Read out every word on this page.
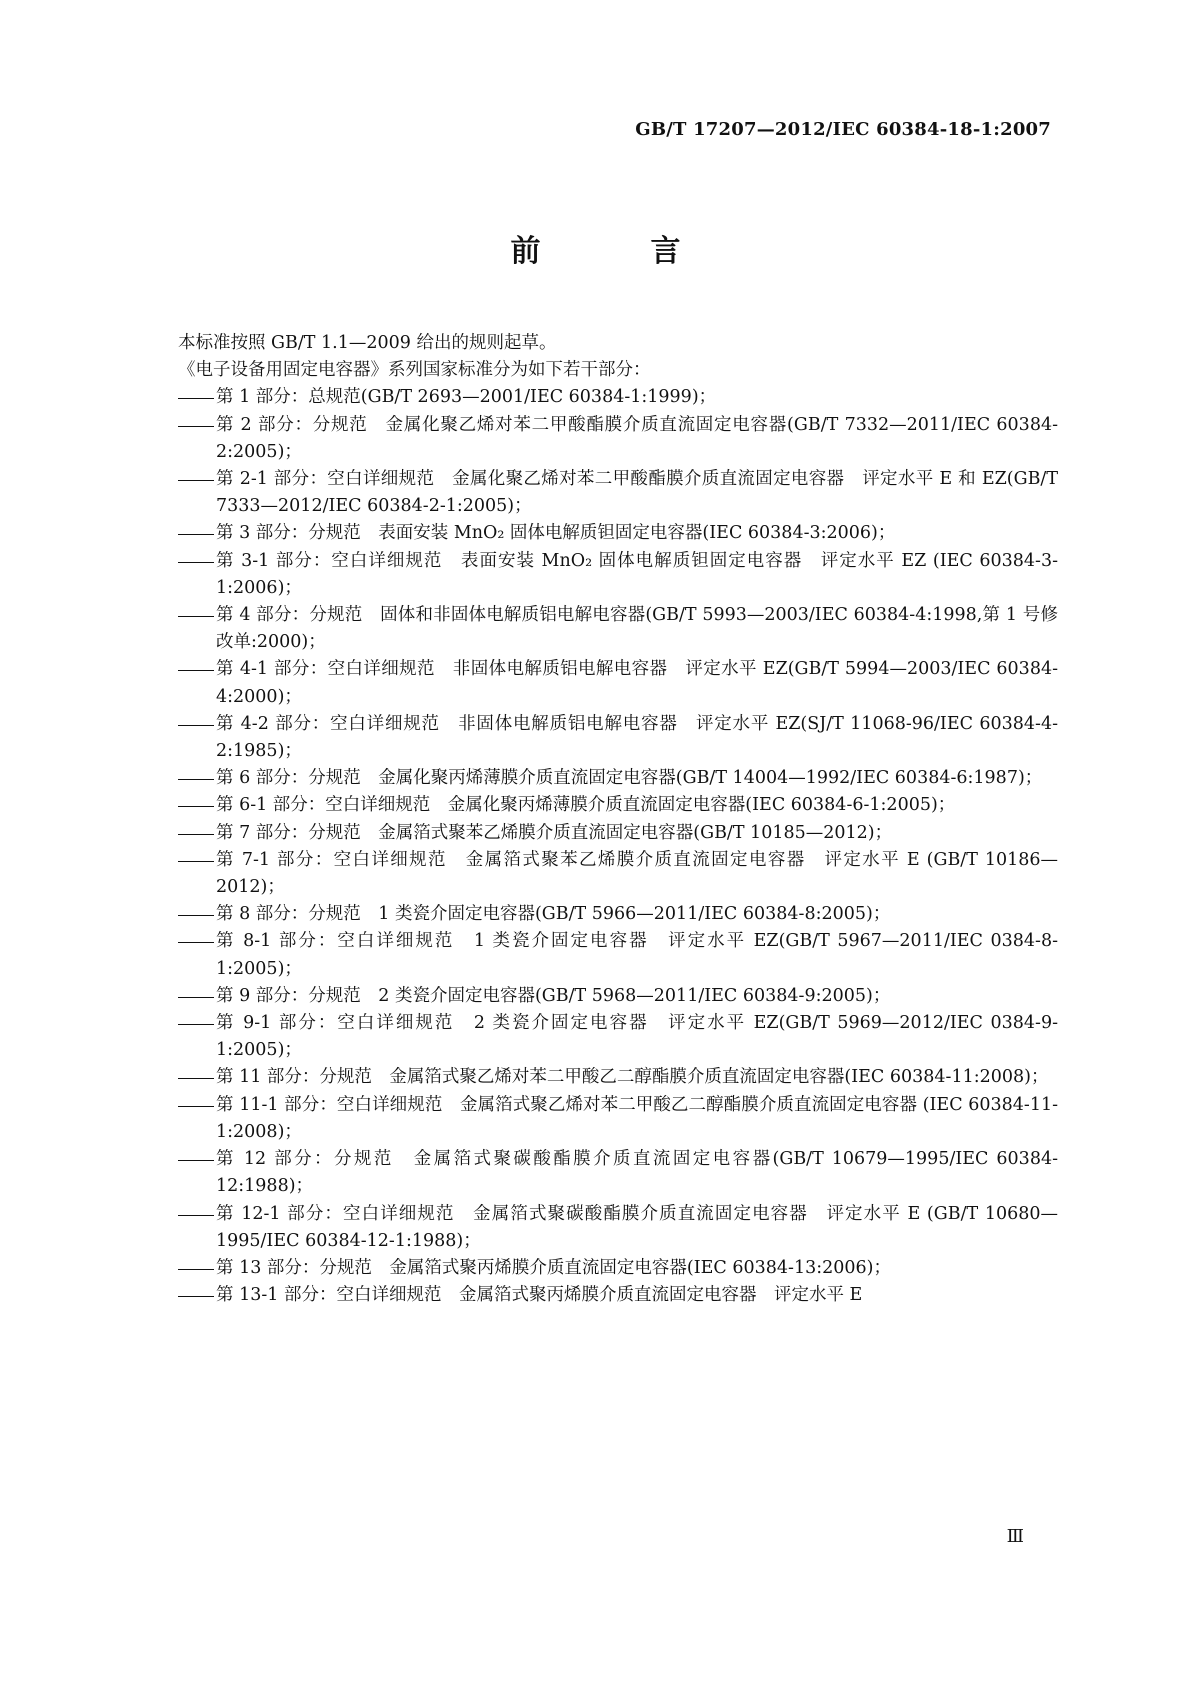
GB/T 17207—2012/IEC 60384-18-1:2007
前　言
本标准按照 GB/T 1.1—2009 给出的规则起草。
《电子设备用固定电容器》系列国家标准分为如下若干部分：
第 1 部分：总规范(GB/T 2693—2001/IEC 60384-1:1999)；
第 2 部分：分规范　金属化聚乙烯对苯二甲酸酯膜介质直流固定电容器(GB/T 7332—2011/IEC 60384-2:2005)；
第 2-1 部分：空白详细规范　金属化聚乙烯对苯二甲酸酯膜介质直流固定电容器　评定水平 E 和 EZ(GB/T 7333—2012/IEC 60384-2-1:2005)；
第 3 部分：分规范　表面安装 MnO₂ 固体电解质钽固定电容器(IEC 60384-3:2006)；
第 3-1 部分：空白详细规范　表面安装 MnO₂ 固体电解质钽固定电容器　评定水平 EZ (IEC 60384-3-1:2006)；
第 4 部分：分规范　固体和非固体电解质铝电解电容器(GB/T 5993—2003/IEC 60384-4:1998,第 1 号修改单:2000)；
第 4-1 部分：空白详细规范　非固体电解质铝电解电容器　评定水平 EZ(GB/T 5994—2003/IEC 60384-4:2000)；
第 4-2 部分：空白详细规范　非固体电解质铝电解电容器　评定水平 EZ(SJ/T 11068-96/IEC 60384-4-2:1985)；
第 6 部分：分规范　金属化聚丙烯薄膜介质直流固定电容器(GB/T 14004—1992/IEC 60384-6:1987)；
第 6-1 部分：空白详细规范　金属化聚丙烯薄膜介质直流固定电容器(IEC 60384-6-1:2005)；
第 7 部分：分规范　金属箔式聚苯乙烯膜介质直流固定电容器(GB/T 10185—2012)；
第 7-1 部分：空白详细规范　金属箔式聚苯乙烯膜介质直流固定电容器　评定水平 E (GB/T 10186—2012)；
第 8 部分：分规范　1 类瓷介固定电容器(GB/T 5966—2011/IEC 60384-8:2005)；
第 8-1 部分：空白详细规范　1 类瓷介固定电容器　评定水平 EZ(GB/T 5967—2011/IEC 0384-8-1:2005)；
第 9 部分：分规范　2 类瓷介固定电容器(GB/T 5968—2011/IEC 60384-9:2005)；
第 9-1 部分：空白详细规范　2 类瓷介固定电容器　评定水平 EZ(GB/T 5969—2012/IEC 0384-9-1:2005)；
第 11 部分：分规范　金属箔式聚乙烯对苯二甲酸乙二醇酯膜介质直流固定电容器(IEC 60384-11:2008)；
第 11-1 部分：空白详细规范　金属箔式聚乙烯对苯二甲酸乙二醇酯膜介质直流固定电容器 (IEC 60384-11-1:2008)；
第 12 部分：分规范　金属箔式聚碳酸酯膜介质直流固定电容器(GB/T 10679—1995/IEC 60384-12:1988)；
第 12-1 部分：空白详细规范　金属箔式聚碳酸酯膜介质直流固定电容器　评定水平 E (GB/T 10680—1995/IEC 60384-12-1:1988)；
第 13 部分：分规范　金属箔式聚丙烯膜介质直流固定电容器(IEC 60384-13:2006)；
第 13-1 部分：空白详细规范　金属箔式聚丙烯膜介质直流固定电容器　评定水平 E
Ⅲ
